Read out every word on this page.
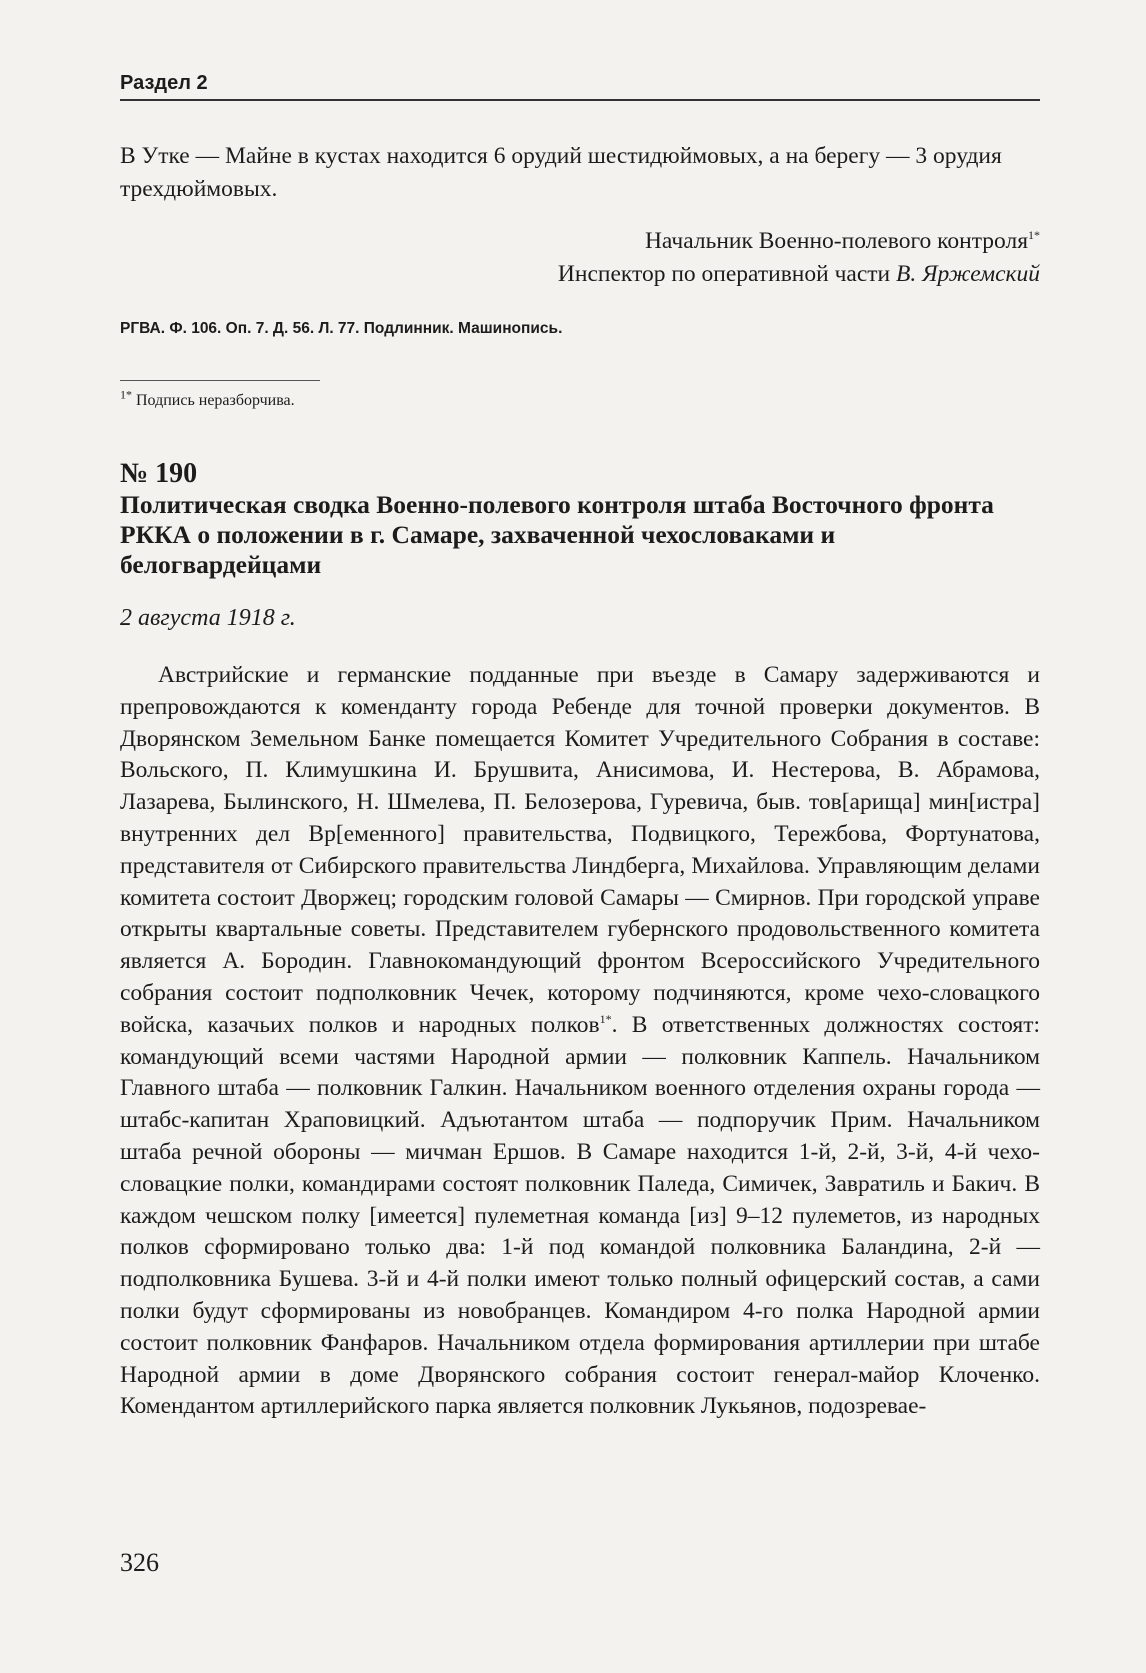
Раздел 2
В Утке — Майне в кустах находится 6 орудий шестидюймовых, а на берегу — 3 орудия трехдюймовых.
Начальник Военно-полевого контроля$^{1*}$
Инспектор по оперативной части В. Яржемский
РГВА. Ф. 106. Оп. 7. Д. 56. Л. 77. Подлинник. Машинопись.
$^{1*}$ Подпись неразборчива.
№ 190
Политическая сводка Военно-полевого контроля штаба Восточного фронта РККА о положении в г. Самаре, захваченной чехословаками и белогвардейцами
2 августа 1918 г.

Австрийские и германские подданные при въезде в Самару задерживаются и препровождаются к коменданту города Ребенде для точной проверки документов. В Дворянском Земельном Банке помещается Комитет Учредительного Собрания в составе: Вольского, П. Климушкина И. Брушвита, Анисимова, И. Нестерова, В. Абрамова, Лазарева, Былинского, Н. Шмелева, П. Белозерова, Гуревича, быв. тов[арища] мин[истра] внутренних дел Вр[еменного] правительства, Подвицкого, Тережбова, Фортунатова, представителя от Сибирского правительства Линдберга, Михайлова. Управляющим делами комитета состоит Дворжец; городским головой Самары — Смирнов. При городской управе открыты квартальные советы. Представителем губернского продовольственного комитета является А. Бородин. Главнокомандующий фронтом Всероссийского Учредительного собрания состоит подполковник Чечек, которому подчиняются, кроме чехо-словацкого войска, казачьих полков и народных полков$^{1*}$. В ответственных должностях состоят: командующий всеми частями Народной армии — полковник Каппель. Начальником Главного штаба — полковник Галкин. Начальником военного отделения охраны города — штабс-капитан Храповицкий. Адъютантом штаба — подпоручик Прим. Начальником штаба речной обороны — мичман Ершов. В Самаре находится 1-й, 2-й, 3-й, 4-й чехо-словацкие полки, командирами состоят полковник Паледа, Симичек, Завратиль и Бакич. В каждом чешском полку [имеется] пулеметная команда [из] 9–12 пулеметов, из народных полков сформировано только два: 1-й под командой полковника Баландина, 2-й — подполковника Бушева. 3-й и 4-й полки имеют только полный офицерский состав, а сами полки будут сформированы из новобранцев. Командиром 4-го полка Народной армии состоит полковник Фанфаров. Начальником отдела формирования артиллерии при штабе Народной армии в доме Дворянского собрания состоит генерал-майор Клоченко. Комендантом артиллерийского парка является полковник Лукьянов, подозреваe-

326
